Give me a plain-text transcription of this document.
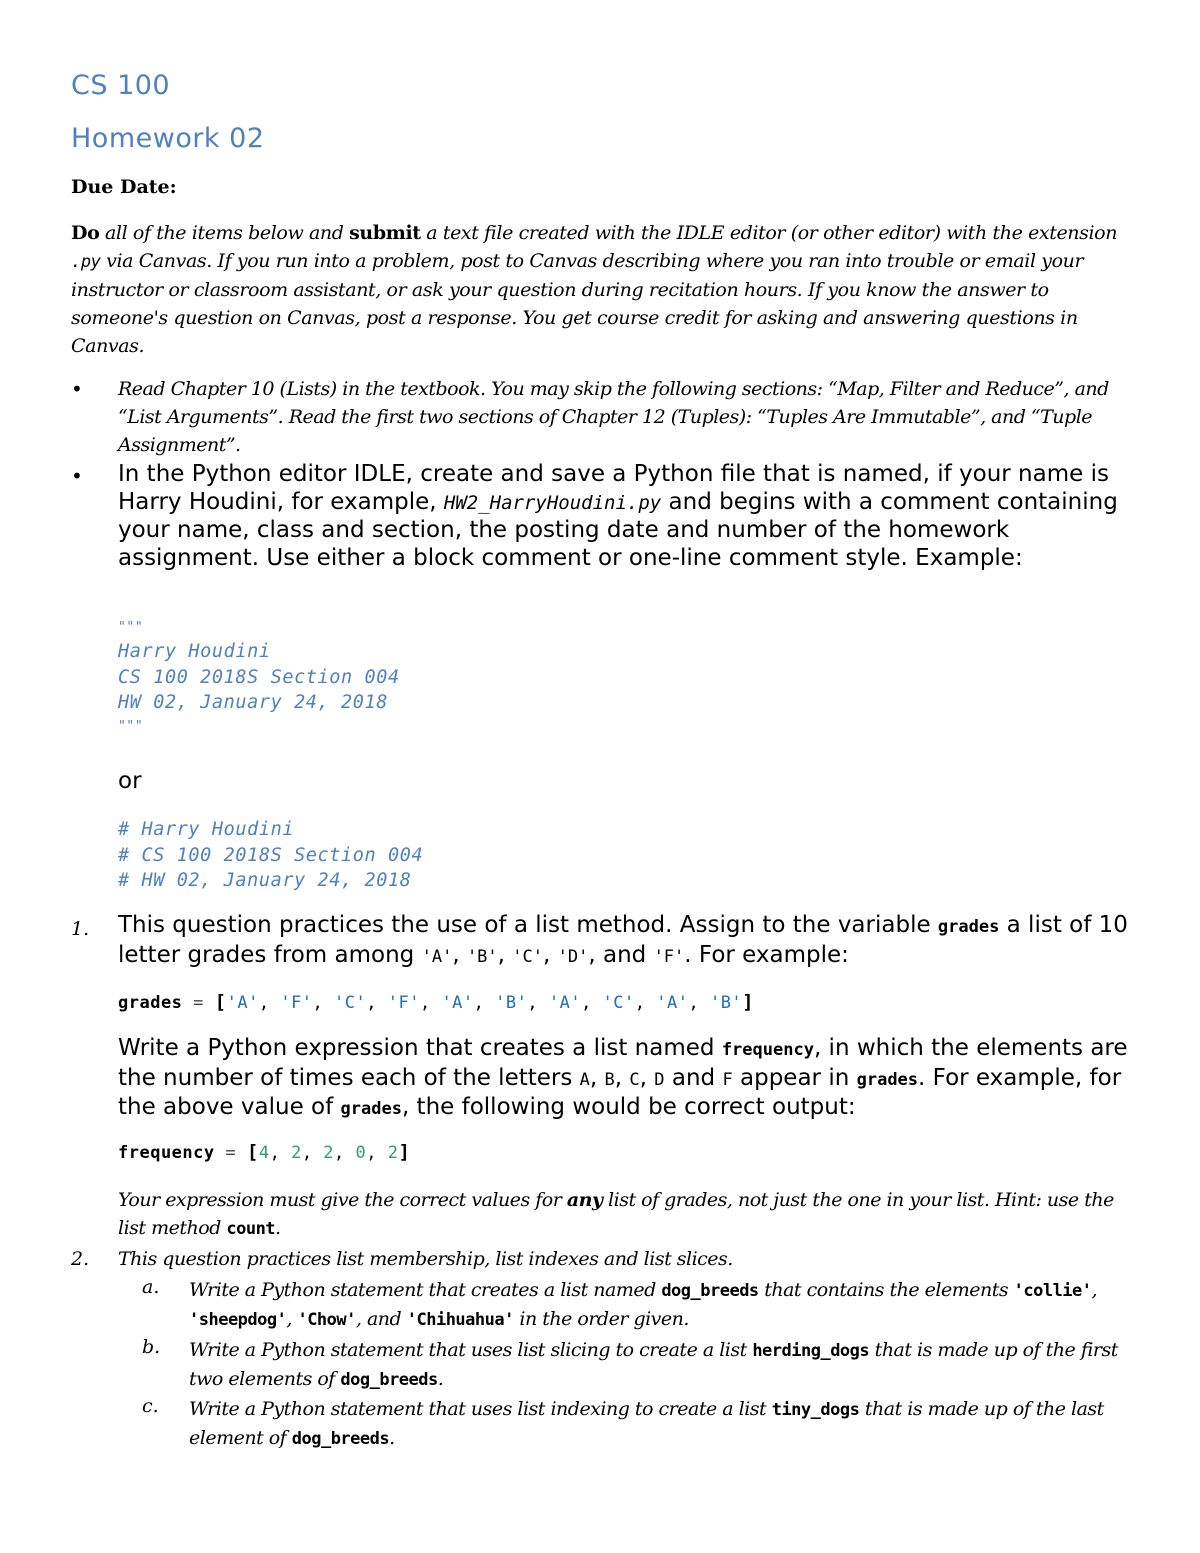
CS 100
Homework 02
Due Date:
Do all of the items below and submit a text file created with the IDLE editor (or other editor) with the extension .py via Canvas. If you run into a problem, post to Canvas describing where you ran into trouble or email your instructor or classroom assistant, or ask your question during recitation hours. If you know the answer to someone's question on Canvas, post a response. You get course credit for asking and answering questions in Canvas.
• Read Chapter 10 (Lists) in the textbook. You may skip the following sections: “Map, Filter and Reduce”, and “List Arguments”. Read the first two sections of Chapter 12 (Tuples): “Tuples Are Immutable”, and “Tuple Assignment”.
• In the Python editor IDLE, create and save a Python file that is named, if your name is Harry Houdini, for example, HW2_HarryHoudini.py and begins with a comment containing your name, class and section, the posting date and number of the homework assignment. Use either a block comment or one-line comment style. Example:
"""
Harry Houdini
CS 100 2018S Section 004
HW 02, January 24, 2018
"""
or
# Harry Houdini
# CS 100 2018S Section 004
# HW 02, January 24, 2018
1. This question practices the use of a list method. Assign to the variable grades a list of 10 letter grades from among 'A', 'B', 'C', 'D', and 'F'. For example:
grades = ['A', 'F', 'C', 'F', 'A', 'B', 'A', 'C', 'A', 'B']
Write a Python expression that creates a list named frequency, in which the elements are the number of times each of the letters A, B, C, D and F appear in grades. For example, for the above value of grades, the following would be correct output:
frequency = [4, 2, 2, 0, 2]
Your expression must give the correct values for any list of grades, not just the one in your list. Hint: use the list method count.
2. This question practices list membership, list indexes and list slices.
a. Write a Python statement that creates a list named dog_breeds that contains the elements 'collie', 'sheepdog', 'Chow', and 'Chihuahua' in the order given.
b. Write a Python statement that uses list slicing to create a list herding_dogs that is made up of the first two elements of dog_breeds.
c. Write a Python statement that uses list indexing to create a list tiny_dogs that is made up of the last element of dog_breeds.
